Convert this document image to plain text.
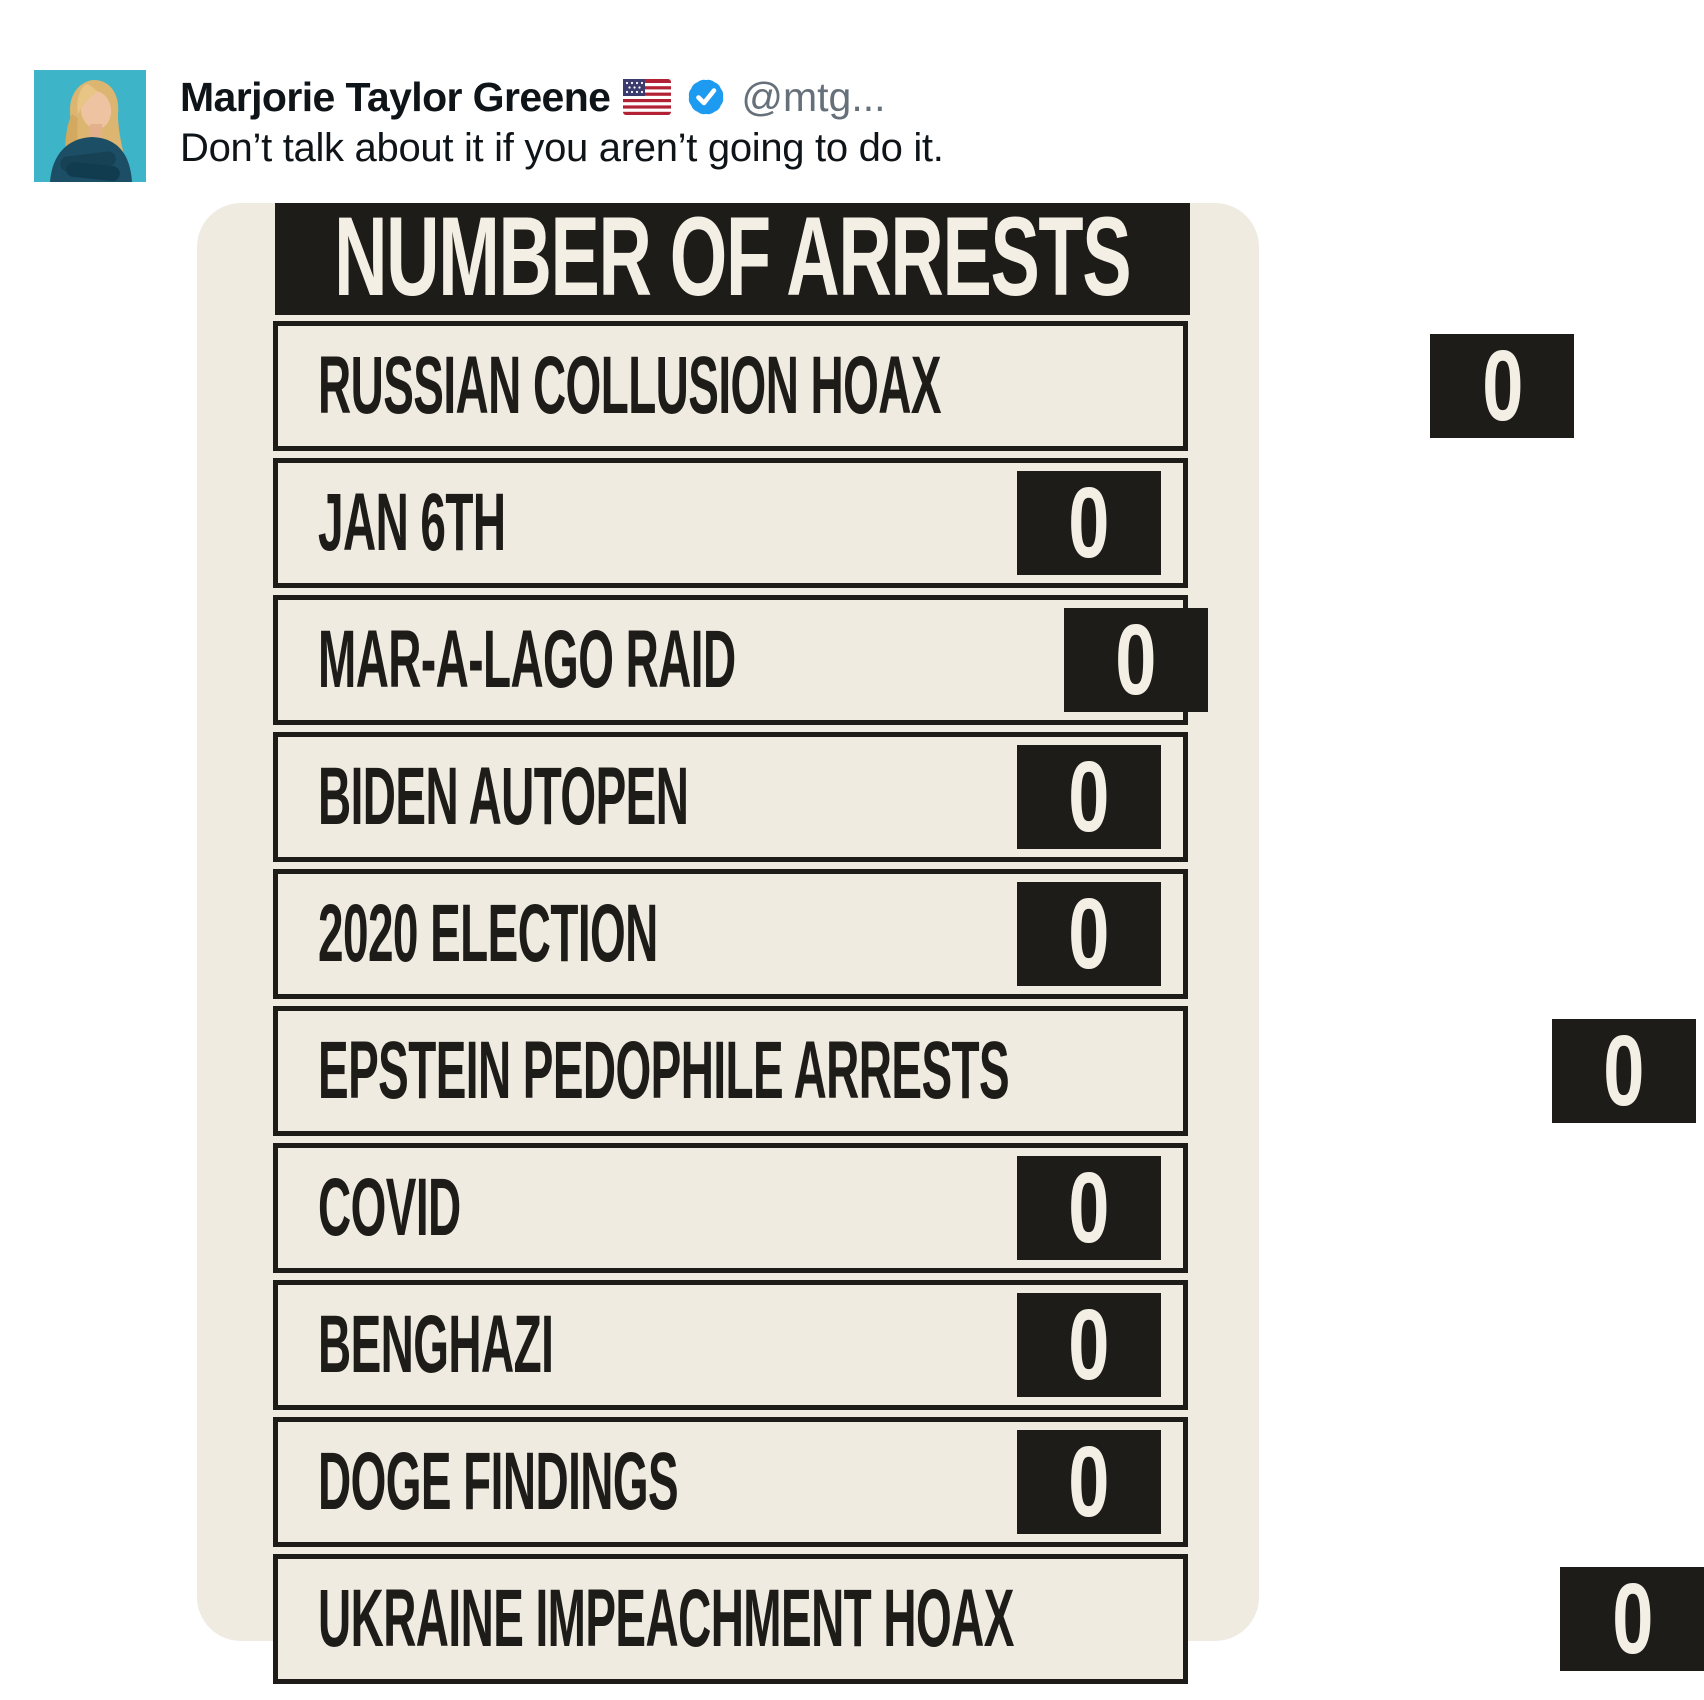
Marjorie Taylor Greene	@mtg...
Don’t talk about it if you aren’t going to do it.
NUMBER OF ARRESTS
RUSSIAN COLLUSION HOAX	0
JAN 6TH	0
MAR-A-LAGO RAID	0
BIDEN AUTOPEN	0
2020 ELECTION	0
EPSTEIN PEDOPHILE ARRESTS	0
COVID	0
BENGHAZI	0
DOGE FINDINGS	0
UKRAINE IMPEACHMENT HOAX	0
